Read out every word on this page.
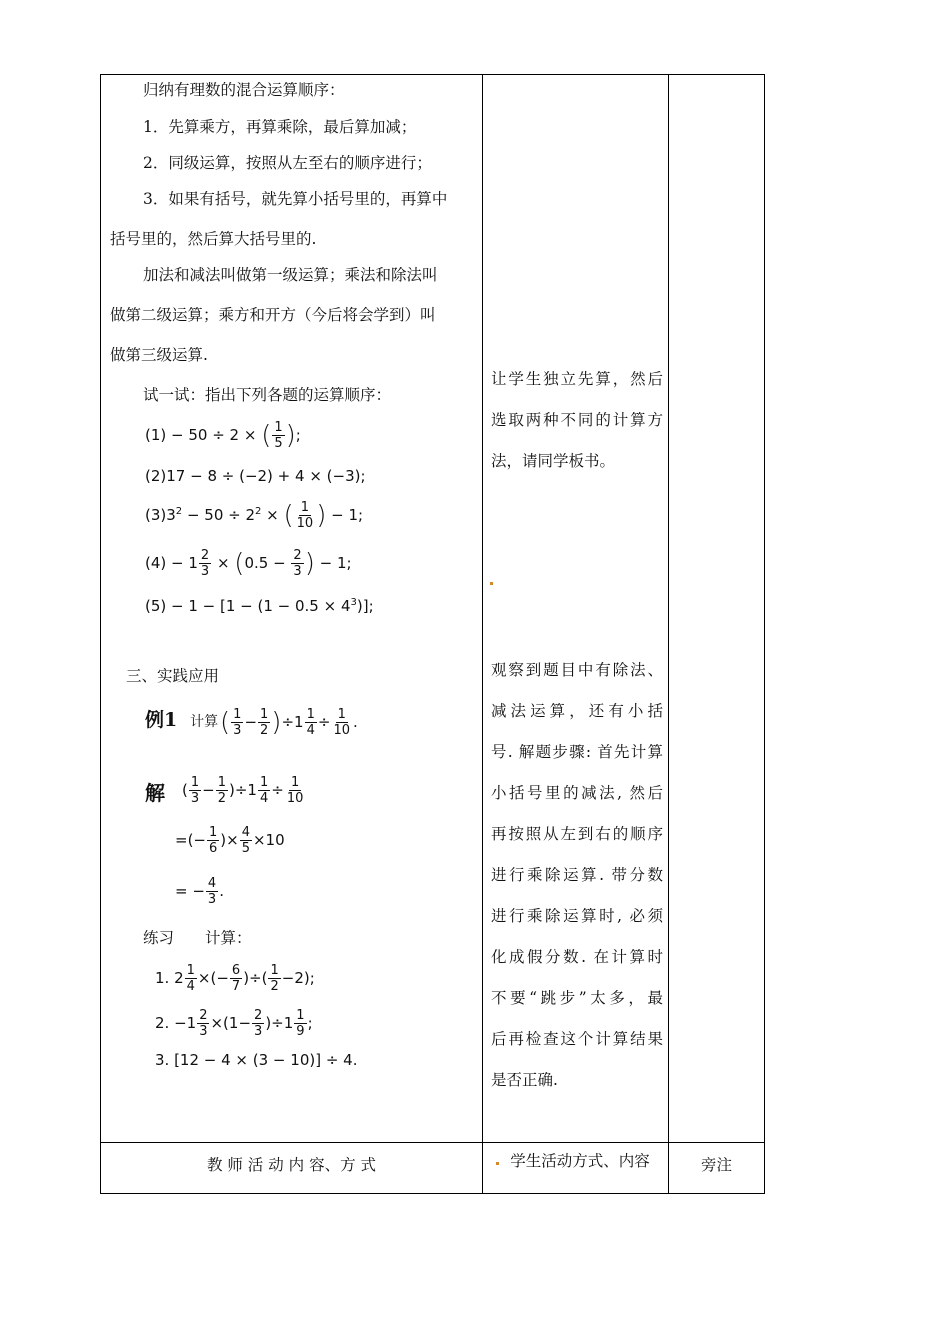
归纳有理数的混合运算顺序：
1．先算乘方，再算乘除，最后算加减；
2．同级运算，按照从左至右的顺序进行；
3．如果有括号，就先算小括号里的，再算中
括号里的，然后算大括号里的.
加法和减法叫做第一级运算；乘法和除法叫
做第二级运算；乘方和开方（今后将会学到）叫
做第三级运算.
试一试：指出下列各题的运算顺序：
(1) − 50 ÷ 2 × ( $\frac{1}{5}$ );
(2)17 − 8 ÷ (−2) + 4 × (−3);
$(3)3^2 - 50 \div 2^2$ × ( $\frac{1}{10}$ ) − 1;
$(4) - 1 \frac{2}{3} \times (0.5 - \frac{2}{3}$ ) − 1;
$(5) - 1 - [1 - (1 - 0.5 \times 4^3)]$;
三、实践应用
例1 计算 ( $\frac{1}{3} - \frac{1}{2} )\div 1 \frac{1}{4} \div \frac{1}{10}$ .
解 ( $\frac{1}{3} - \frac{1}{2} )\div 1 \frac{1}{4} \div \frac{1}{10}$
=(− $\frac{1}{6}$ )× $\frac{4}{5} \times 10$
= − $\frac{4}{3}$ .
练习　　计算：
1. $2 \frac{1}{4}$ ×(− $\frac{6}{7}$ )÷( $\frac{1}{2} -2$);
2. $-1 \frac{2}{3} \times(1- \frac{2}{3} )\div 1 \frac{1}{9}$ ;
3. [12 − 4 × (3 − 10)] ÷ 4.
让学生独立先算，然后
选取两种不同的计算方
法，请同学板书。
观察到题目中有除法、
减法运算，还有小括
号. 解题步骤: 首先计算
小括号里的减法, 然后
再按照从左到右的顺序
进行乘除运算. 带分数
进行乘除运算时, 必须
化成假分数. 在计算时
不要“跳步”太多，最
后再检查这个计算结果
是否正确.
教 师 活 动 内 容、方 式	学生活动方式、内容	旁注
